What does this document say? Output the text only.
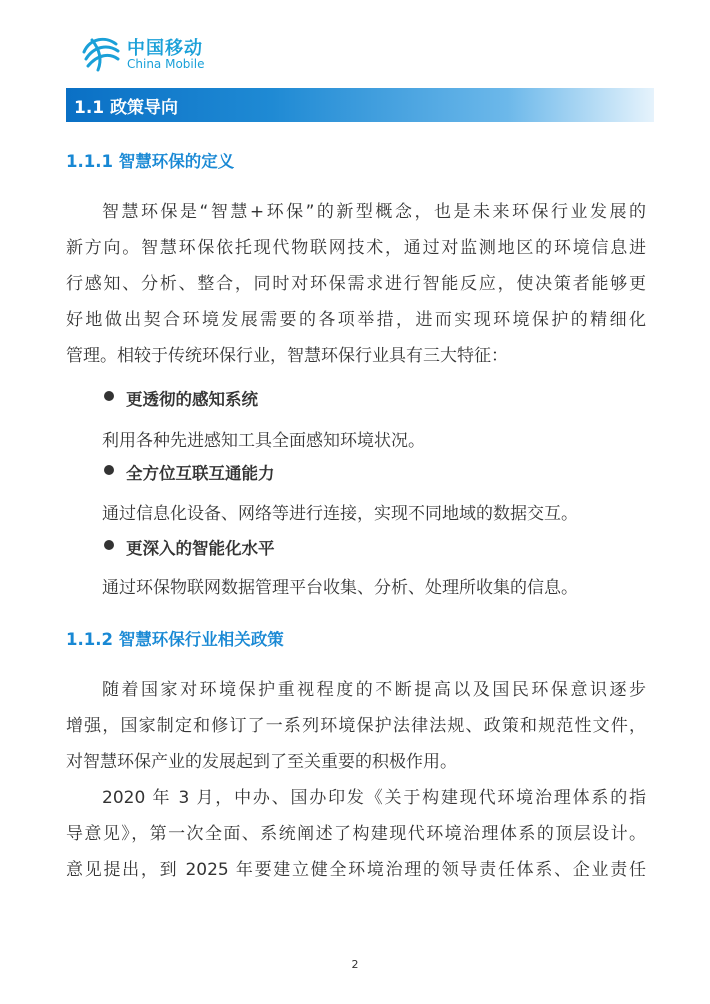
中国移动
China Mobile
1.1 政策导向
1.1.1 智慧环保的定义

智慧环保是“智慧+环保”的新型概念，也是未来环保行业发展的
新方向。智慧环保依托现代物联网技术，通过对监测地区的环境信息进
行感知、分析、整合，同时对环保需求进行智能反应，使决策者能够更
好地做出契合环境发展需要的各项举措，进而实现环境保护的精细化
管理。相较于传统环保行业，智慧环保行业具有三大特征：

更透彻的感知系统
利用各种先进感知工具全面感知环境状况。
全方位互联互通能力
通过信息化设备、网络等进行连接，实现不同地域的数据交互。
更深入的智能化水平
通过环保物联网数据管理平台收集、分析、处理所收集的信息。
1.1.2 智慧环保行业相关政策

随着国家对环境保护重视程度的不断提高以及国民环保意识逐步
增强，国家制定和修订了一系列环境保护法律法规、政策和规范性文件，
对智慧环保产业的发展起到了至关重要的积极作用。

2020 年 3 月，中办、国办印发《关于构建现代环境治理体系的指
导意见》，第一次全面、系统阐述了构建现代环境治理体系的顶层设计。
意见提出，到 2025 年要建立健全环境治理的领导责任体系、企业责任

2
